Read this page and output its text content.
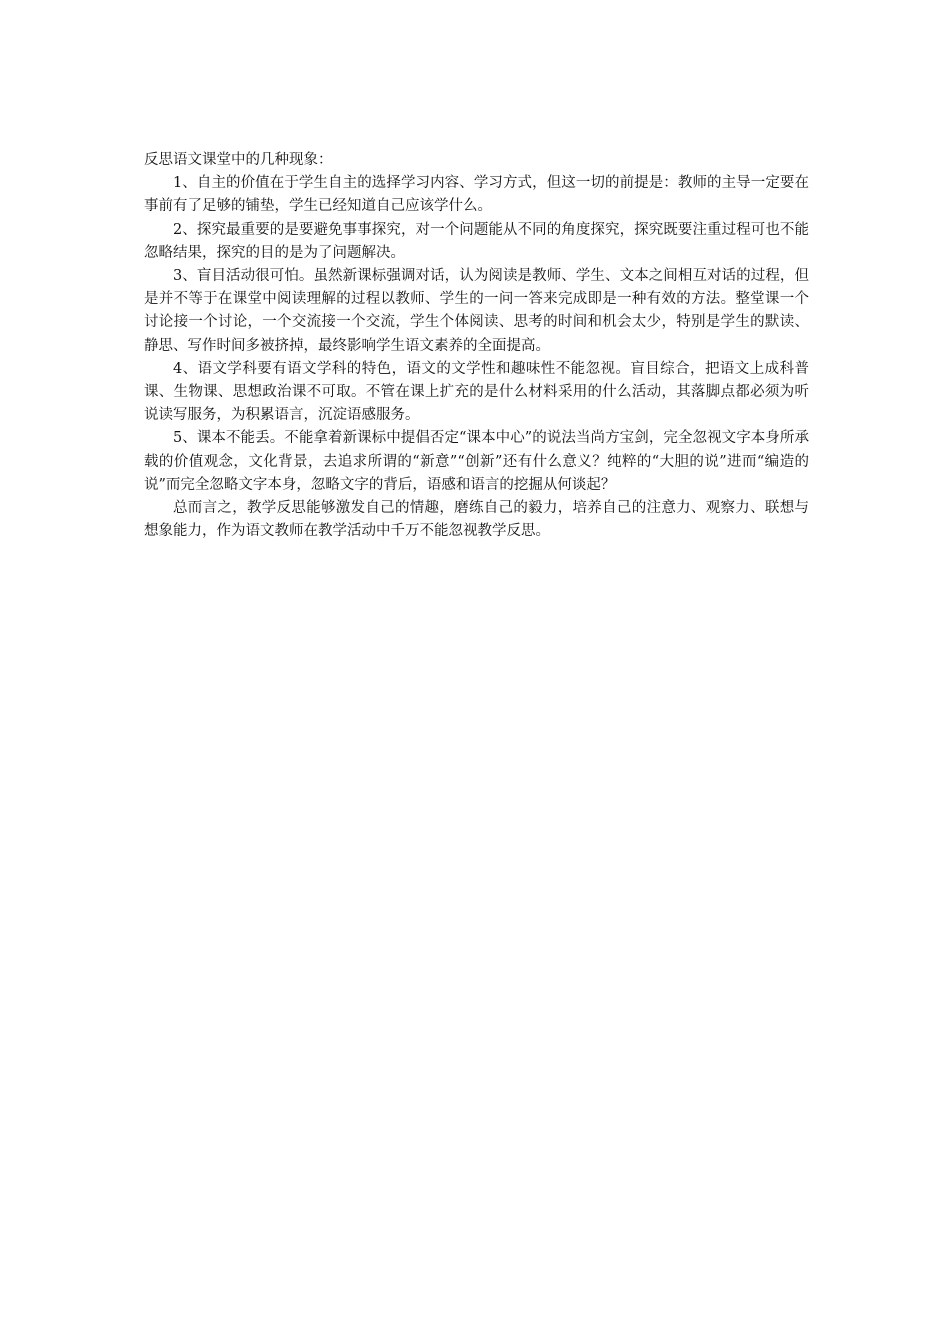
反思语文课堂中的几种现象：

1、自主的价值在于学生自主的选择学习内容、学习方式，但这一切的前提是：教师的主导一定要在事前有了足够的铺垫，学生已经知道自己应该学什么。

2、探究最重要的是要避免事事探究，对一个问题能从不同的角度探究，探究既要注重过程可也不能忽略结果，探究的目的是为了问题解决。

3、盲目活动很可怕。虽然新课标强调对话，认为阅读是教师、学生、文本之间相互对话的过程，但是并不等于在课堂中阅读理解的过程以教师、学生的一问一答来完成即是一种有效的方法。整堂课一个讨论接一个讨论，一个交流接一个交流，学生个体阅读、思考的时间和机会太少，特别是学生的默读、静思、写作时间多被挤掉，最终影响学生语文素养的全面提高。

4、语文学科要有语文学科的特色，语文的文学性和趣味性不能忽视。盲目综合，把语文上成科普课、生物课、思想政治课不可取。不管在课上扩充的是什么材料采用的什么活动，其落脚点都必须为听说读写服务，为积累语言，沉淀语感服务。

5、课本不能丢。不能拿着新课标中提倡否定“课本中心”的说法当尚方宝剑，完全忽视文字本身所承载的价值观念，文化背景，去追求所谓的“新意”“创新”还有什么意义？纯粹的“大胆的说”进而“编造的说”而完全忽略文字本身，忽略文字的背后，语感和语言的挖掘从何谈起？

总而言之，教学反思能够激发自己的情趣，磨练自己的毅力，培养自己的注意力、观察力、联想与想象能力，作为语文教师在教学活动中千万不能忽视教学反思。
